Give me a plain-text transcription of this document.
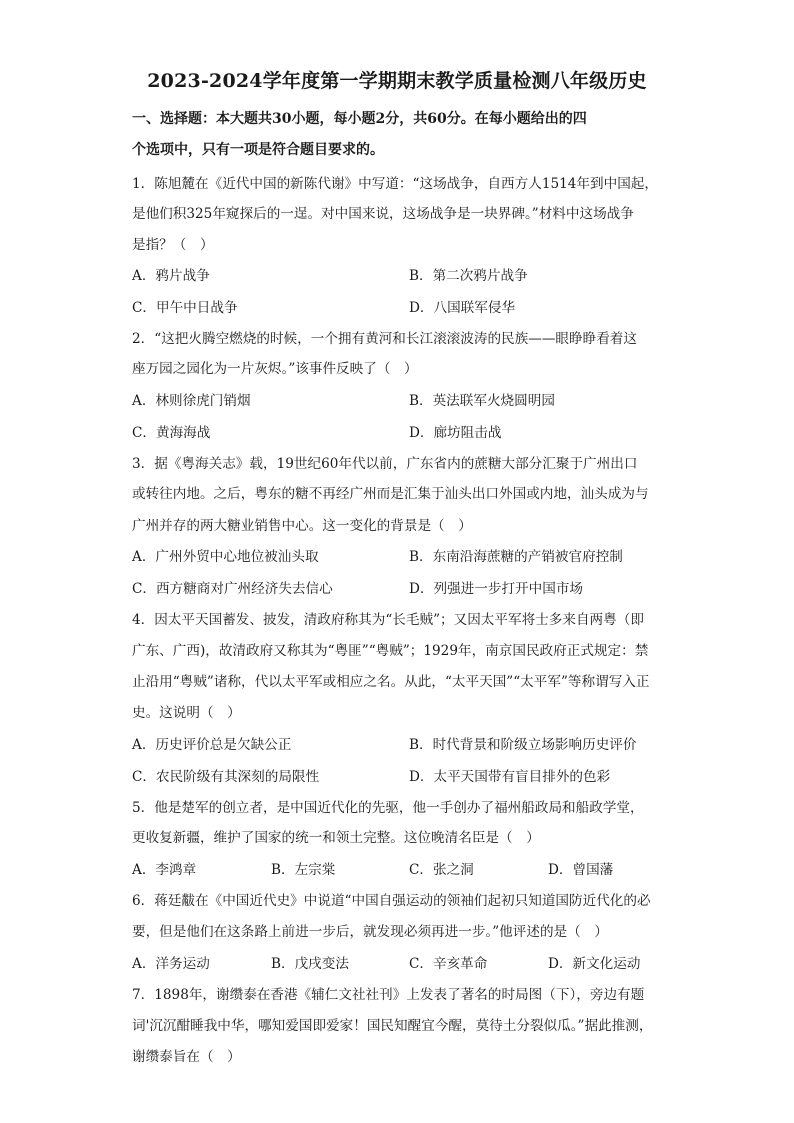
2023-2024学年度第一学期期末教学质量检测八年级历史
一、选择题：本大题共30小题，每小题2分，共60分。在每小题给出的四
个选项中，只有一项是符合题目要求的。
1．陈旭麓在《近代中国的新陈代谢》中写道：“这场战争，自西方人1514年到中国起，
是他们积325年窥探后的一逞。对中国来说，这场战争是一块界碑。”材料中这场战争
是指？（　）
A．鸦片战争	B．第二次鸦片战争
C．甲午中日战争	D．八国联军侵华
2．“这把火腾空燃烧的时候，一个拥有黄河和长江滚滚波涛的民族——眼睁睁看着这
座万园之园化为一片灰烬。”该事件反映了（　）
A．林则徐虎门销烟	B．英法联军火烧圆明园
C．黄海海战	D．廊坊阻击战
3．据《粤海关志》载，19世纪60年代以前，广东省内的蔗糖大部分汇聚于广州出口
或转往内地。之后，粤东的糖不再经广州而是汇集于汕头出口外国或内地，汕头成为与
广州并存的两大糖业销售中心。这一变化的背景是（　）
A．广州外贸中心地位被汕头取	B．东南沿海蔗糖的产销被官府控制
C．西方糖商对广州经济失去信心	D．列强进一步打开中国市场
4．因太平天国蓄发、披发，清政府称其为“长毛贼”；又因太平军将士多来自两粤（即
广东、广西)，故清政府又称其为“粤匪”“粤贼”；1929年，南京国民政府正式规定：禁
止沿用“粤贼”诸称，代以太平军或相应之名。从此，“太平天国”“太平军”等称谓写入正
史。这说明（　）
A．历史评价总是欠缺公正	B．时代背景和阶级立场影响历史评价
C．农民阶级有其深刻的局限性	D．太平天国带有盲目排外的色彩
5．他是楚军的创立者，是中国近代化的先驱，他一手创办了福州船政局和船政学堂，
更收复新疆，维护了国家的统一和领土完整。这位晚清名臣是（　）
A．李鸿章	B．左宗棠	C．张之洞	D．曾国藩
6．蒋廷黻在《中国近代史》中说道“中国自强运动的领袖们起初只知道国防近代化的必
要，但是他们在这条路上前进一步后，就发现必须再进一步。”他评述的是（　）
A．洋务运动	B．戊戌变法	C．辛亥革命	D．新文化运动
7．1898年，谢缵泰在香港《辅仁文社社刊》上发表了著名的时局图（下），旁边有题
词'沉沉酣睡我中华，哪知爱国即爱家！国民知醒宜今醒，莫待土分裂似瓜。”据此推测，
谢缵泰旨在（　）
